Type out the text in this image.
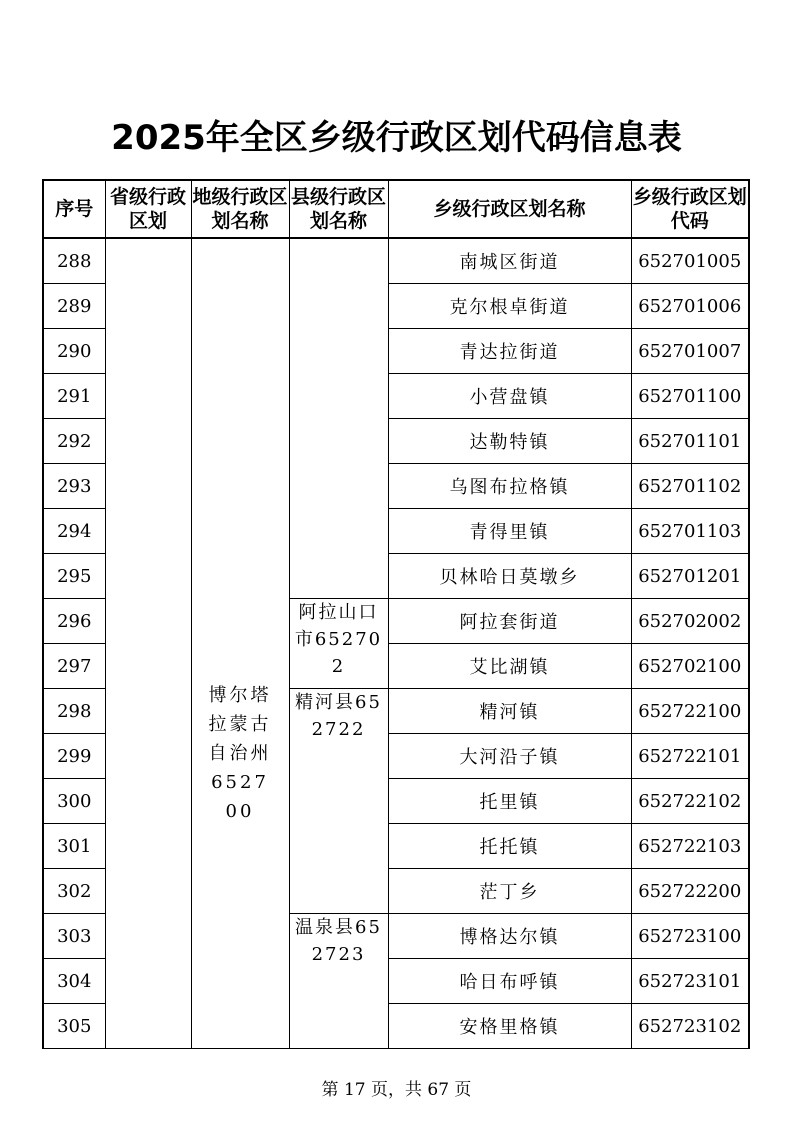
2025年全区乡级行政区划代码信息表
序号	省级行政区划	地级行政区划名称	县级行政区划名称	乡级行政区划名称	乡级行政区划代码
288		博尔塔拉蒙古自治州652700		南城区街道	652701005
289				克尔根卓街道	652701006
290				青达拉街道	652701007
291				小营盘镇	652701100
292				达勒特镇	652701101
293				乌图布拉格镇	652701102
294				青得里镇	652701103
295				贝林哈日莫墩乡	652701201
296			阿拉山口市652702	阿拉套街道	652702002
297				艾比湖镇	652702100
298			精河县652722	精河镇	652722100
299				大河沿子镇	652722101
300				托里镇	652722102
301				托托镇	652722103
302				茫丁乡	652722200
303			温泉县652723	博格达尔镇	652723100
304				哈日布呼镇	652723101
305				安格里格镇	652723102
第 17 页，共 67 页
